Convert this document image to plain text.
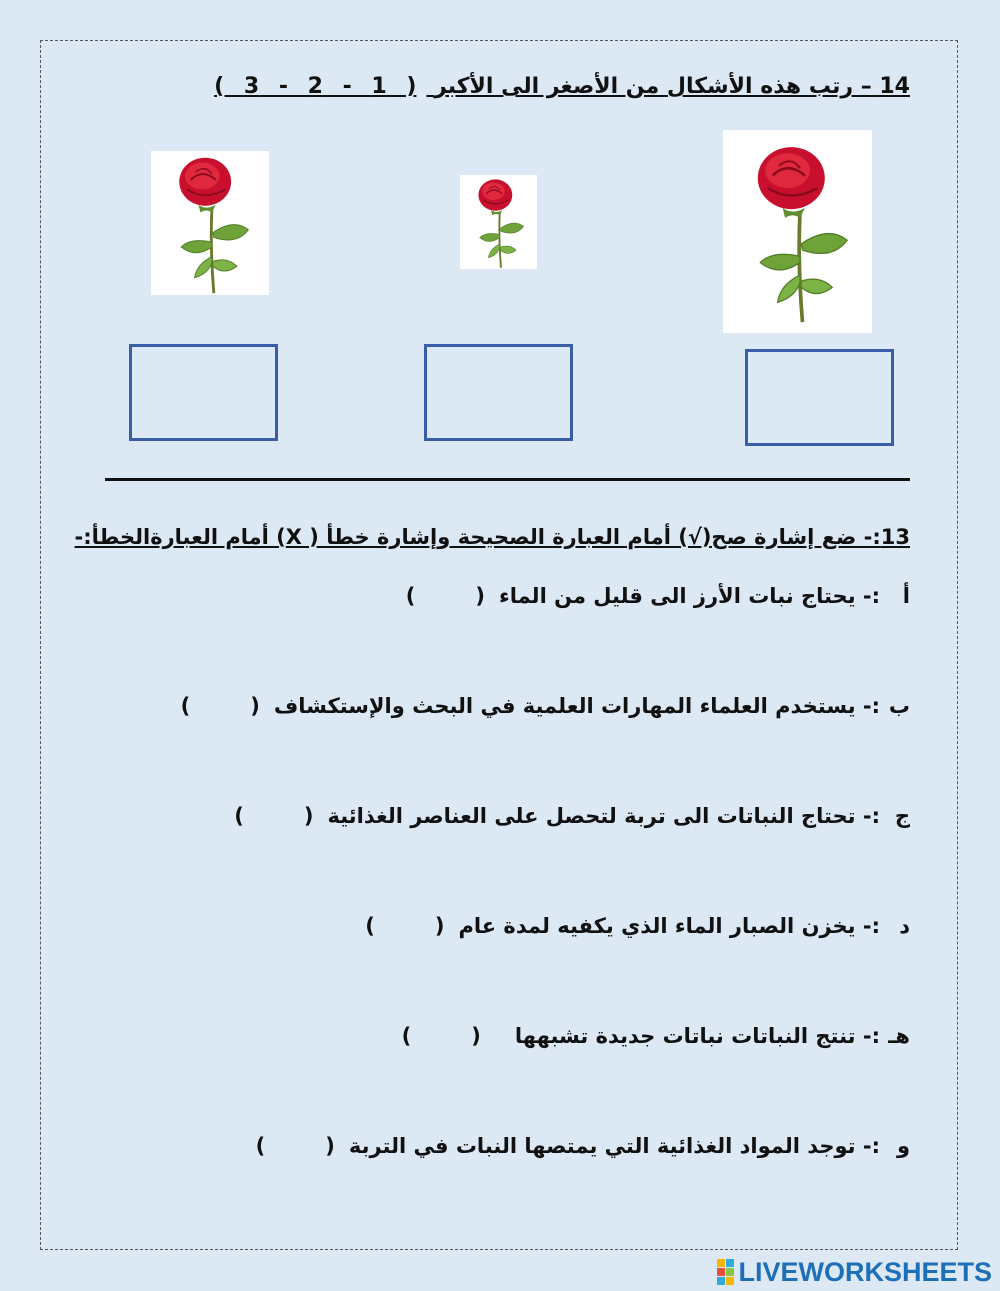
14 – رتب هذه الأشكال من الأصغر الى الأكبر ( 1 - 2 - 3 )
13:- ضع إشارة صح(√) أمام العبارة الصحيحة وإشارة خطأ ( X) أمام العبارةالخطأ:-
أ:- يحتاج نبات الأرز الى قليل من الماء()
ب:- يستخدم العلماء المهارات العلمية في البحث والإستكشاف()
ج:- تحتاج النباتات الى تربة لتحصل على العناصر الغذائية()
د:- يخزن الصبار الماء الذي يكفيه لمدة عام()
هـ:- تنتج النباتات نباتات جديدة تشبهها()
و:- توجد المواد الغذائية التي يمتصها النبات في التربة()
LIVEWORKSHEETS
